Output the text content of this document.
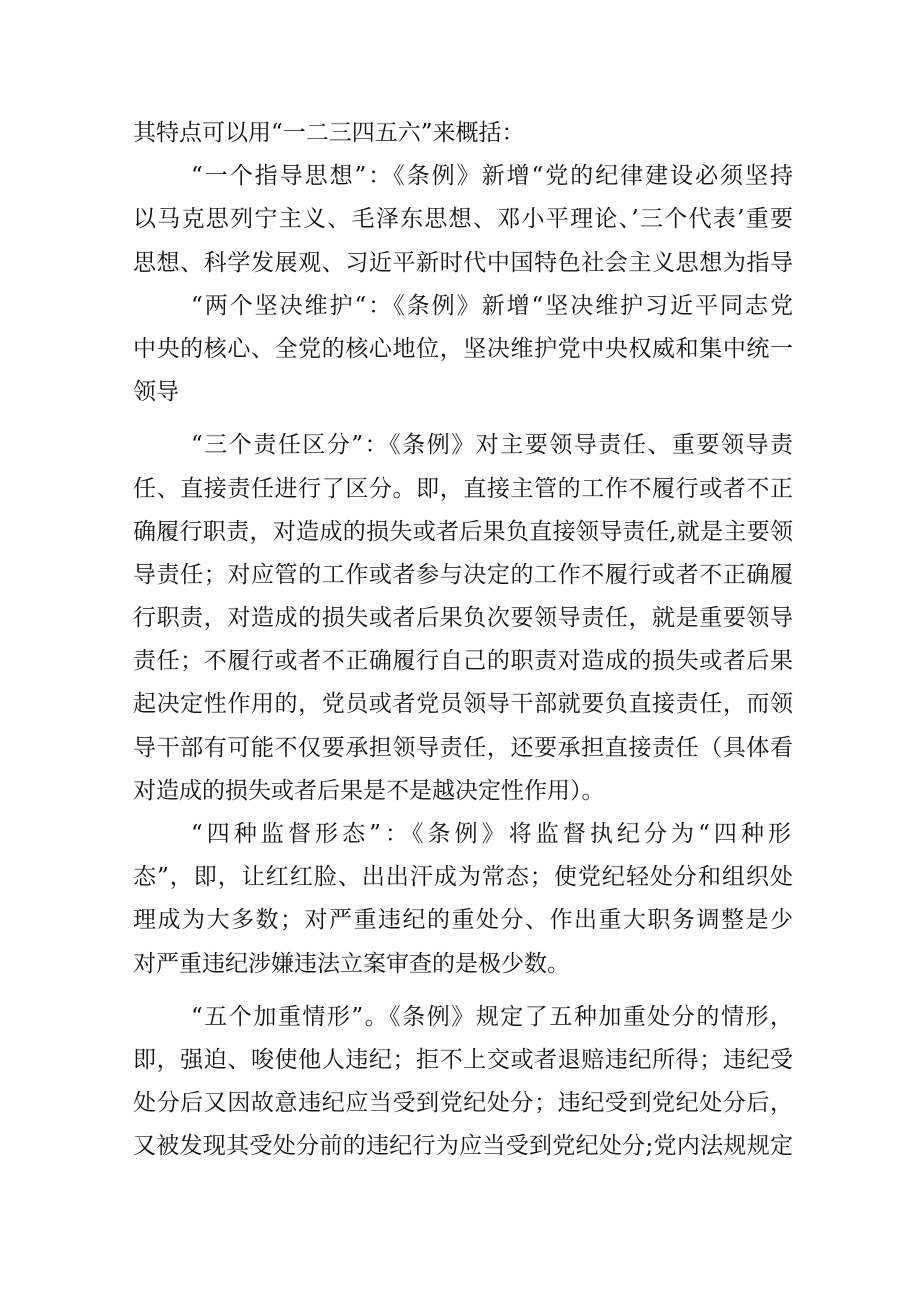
其特点可以用“一二三四五六”来概括：
“一个指导思想”：《条例》新增“党的纪律建设必须坚持
以马克思列宁主义、毛泽东思想、邓小平理论、’三个代表’重要
思想、科学发展观、习近平新时代中国特色社会主义思想为指导
“两个坚决维护“：《条例》新增“坚决维护习近平同志党
中央的核心、全党的核心地位，坚决维护党中央权威和集中统一
领导
“三个责任区分”：《条例》对主要领导责任、重要领导责
任、直接责任进行了区分。即，直接主管的工作不履行或者不正
确履行职责，对造成的损失或者后果负直接领导责任,就是主要领
导责任；对应管的工作或者参与决定的工作不履行或者不正确履
行职责，对造成的损失或者后果负次要领导责任，就是重要领导
责任；不履行或者不正确履行自己的职责对造成的损失或者后果
起决定性作用的，党员或者党员领导干部就要负直接责任，而领
导干部有可能不仅要承担领导责任，还要承担直接责任（具体看
对造成的损失或者后果是不是越决定性作用）。
“四种监督形态”：《条例》将监督执纪分为“四种形
态”，即，让红红脸、出出汗成为常态；使党纪轻处分和组织处
理成为大多数；对严重违纪的重处分、作出重大职务调整是少
对严重违纪涉嫌违法立案审查的是极少数。
“五个加重情形”。《条例》规定了五种加重处分的情形，
即，强迫、唆使他人违纪；拒不上交或者退赔违纪所得；违纪受
处分后又因故意违纪应当受到党纪处分；违纪受到党纪处分后，
又被发现其受处分前的违纪行为应当受到党纪处分;党内法规规定
